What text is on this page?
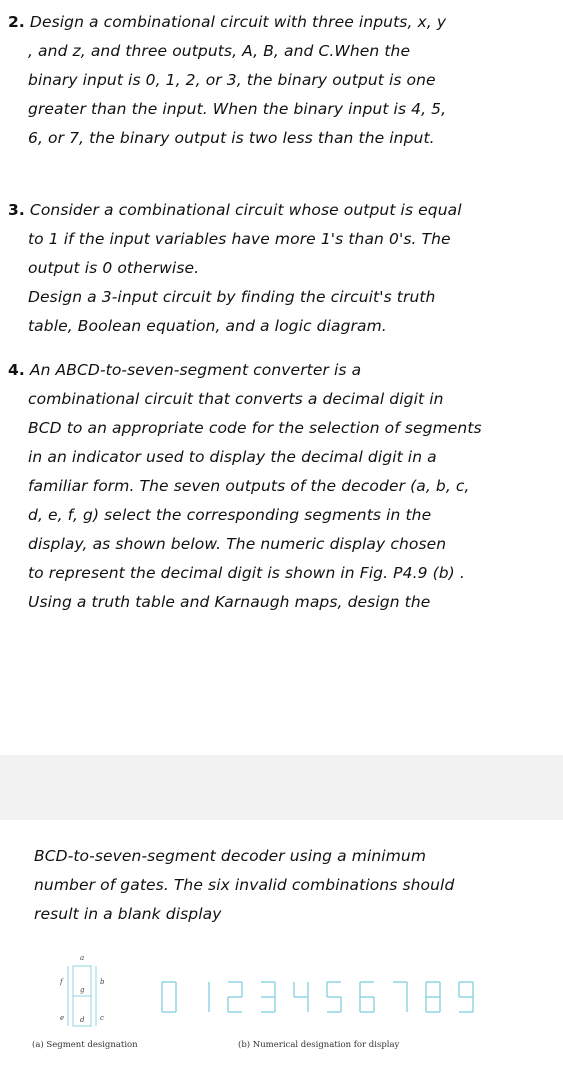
2. Design a combinational circuit with three inputs, x, y
, and z, and three outputs, A, B, and C.When the
binary input is 0, 1, 2, or 3, the binary output is one
greater than the input. When the binary input is 4, 5,
6, or 7, the binary output is two less than the input.
3. Consider a combinational circuit whose output is equal
to 1 if the input variables have more 1's than 0's. The
output is 0 otherwise.
Design a 3-input circuit by finding the circuit's truth
table, Boolean equation, and a logic diagram.
4. An ABCD-to-seven-segment converter is a
combinational circuit that converts a decimal digit in
BCD to an appropriate code for the selection of segments
in an indicator used to display the decimal digit in a
familiar form. The seven outputs of the decoder (a, b, c,
d, e, f, g) select the corresponding segments in the
display, as shown below. The numeric display chosen
to represent the decimal digit is shown in Fig. P4.9 (b) .
Using a truth table and Karnaugh maps, design the
BCD-to-seven-segment decoder using a minimum
number of gates. The six invalid combinations should
result in a blank display
a
b
c
d
e
f
g
(a) Segment designation	(b) Numerical designation for display
